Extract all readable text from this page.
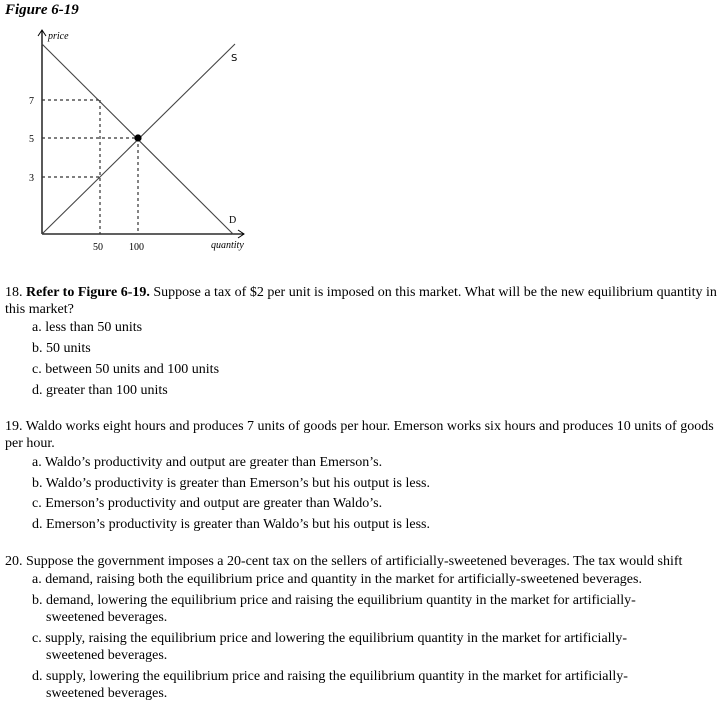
Figure 6-19
price
quantity
S
D
7
5
3
50	100
18. Refer to Figure 6-19. Suppose a tax of $2 per unit is imposed on this market. What will be the new equilibrium quantity in this market?
a. less than 50 units
b. 50 units
c. between 50 units and 100 units
d. greater than 100 units
19. Waldo works eight hours and produces 7 units of goods per hour. Emerson works six hours and produces 10 units of goods per hour.
a. Waldo’s productivity and output are greater than Emerson’s.
b. Waldo’s productivity is greater than Emerson’s but his output is less.
c. Emerson’s productivity and output are greater than Waldo’s.
d. Emerson’s productivity is greater than Waldo’s but his output is less.
20. Suppose the government imposes a 20-cent tax on the sellers of artificially-sweetened beverages. The tax would shift
a. demand, raising both the equilibrium price and quantity in the market for artificially-sweetened beverages.
b. demand, lowering the equilibrium price and raising the equilibrium quantity in the market for artificially-sweetened beverages.
c. supply, raising the equilibrium price and lowering the equilibrium quantity in the market for artificially-sweetened beverages.
d. supply, lowering the equilibrium price and raising the equilibrium quantity in the market for artificially-sweetened beverages.
